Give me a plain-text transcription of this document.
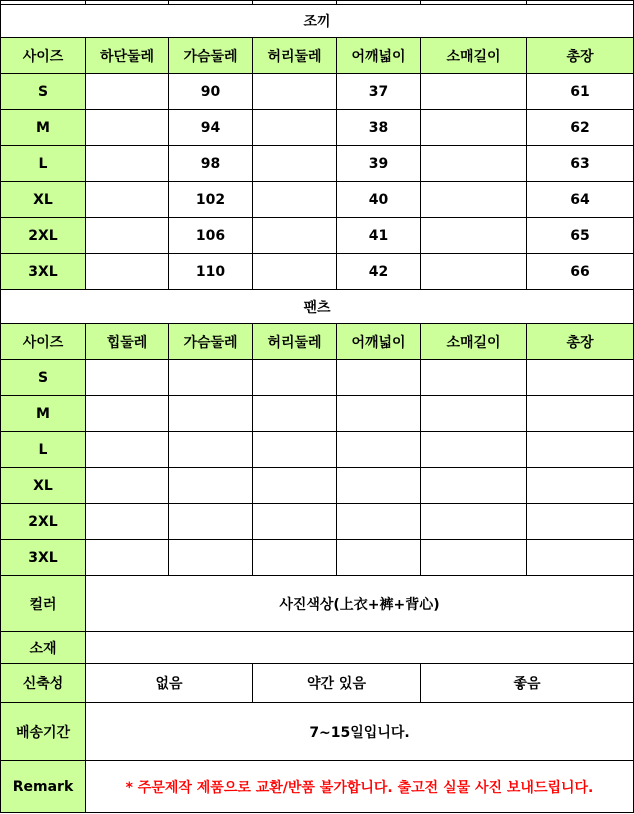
조끼						
사이즈	하단둘레	가슴둘레	허리둘레	어깨넓이	소매길이	총장
S		90		37		61
M		94		38		62
L		98		39		63
XL		102		40		64
2XL		106		41		65
3XL		110		42		66
팬츠						
사이즈	힙둘레	가슴둘레	허리둘레	어깨넓이	소매길이	총장
S						
M						
L						
XL						
2XL						
3XL						
컬러	사진색상(上衣+裤+背心)					
소재						
신축성	없음		약간 있음		좋음	
배송기간	7~15일입니다.					
Remark	* 주문제작 제품으로 교환/반품 불가합니다. 출고전 실물 사진 보내드립니다.					
